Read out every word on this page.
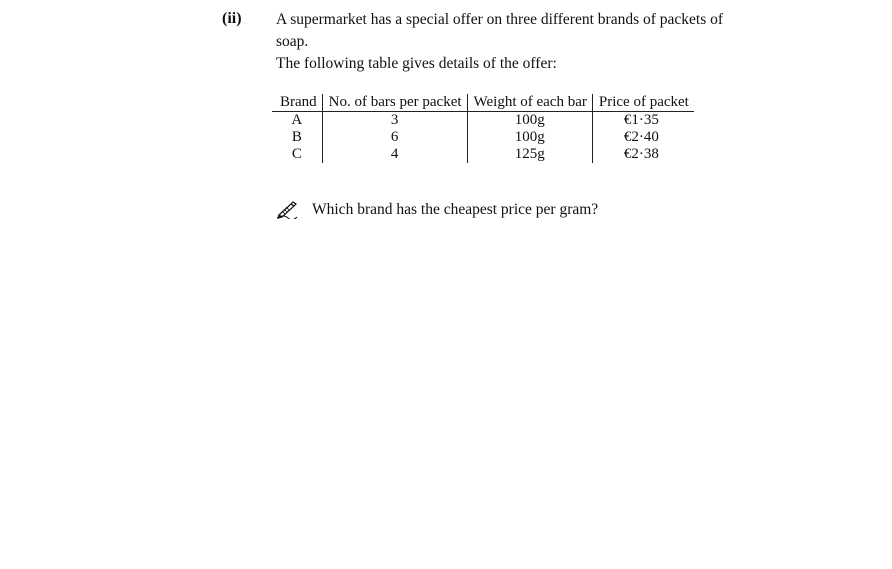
(ii) A supermarket has a special offer on three different brands of packets of soap.

The following table gives details of the offer:

Brand	No. of bars per packet	Weight of each bar	Price of packet
A	3	100g	€1·35
B	6	100g	€2·40
C	4	125g	€2·38
Which brand has the cheapest price per gram?
